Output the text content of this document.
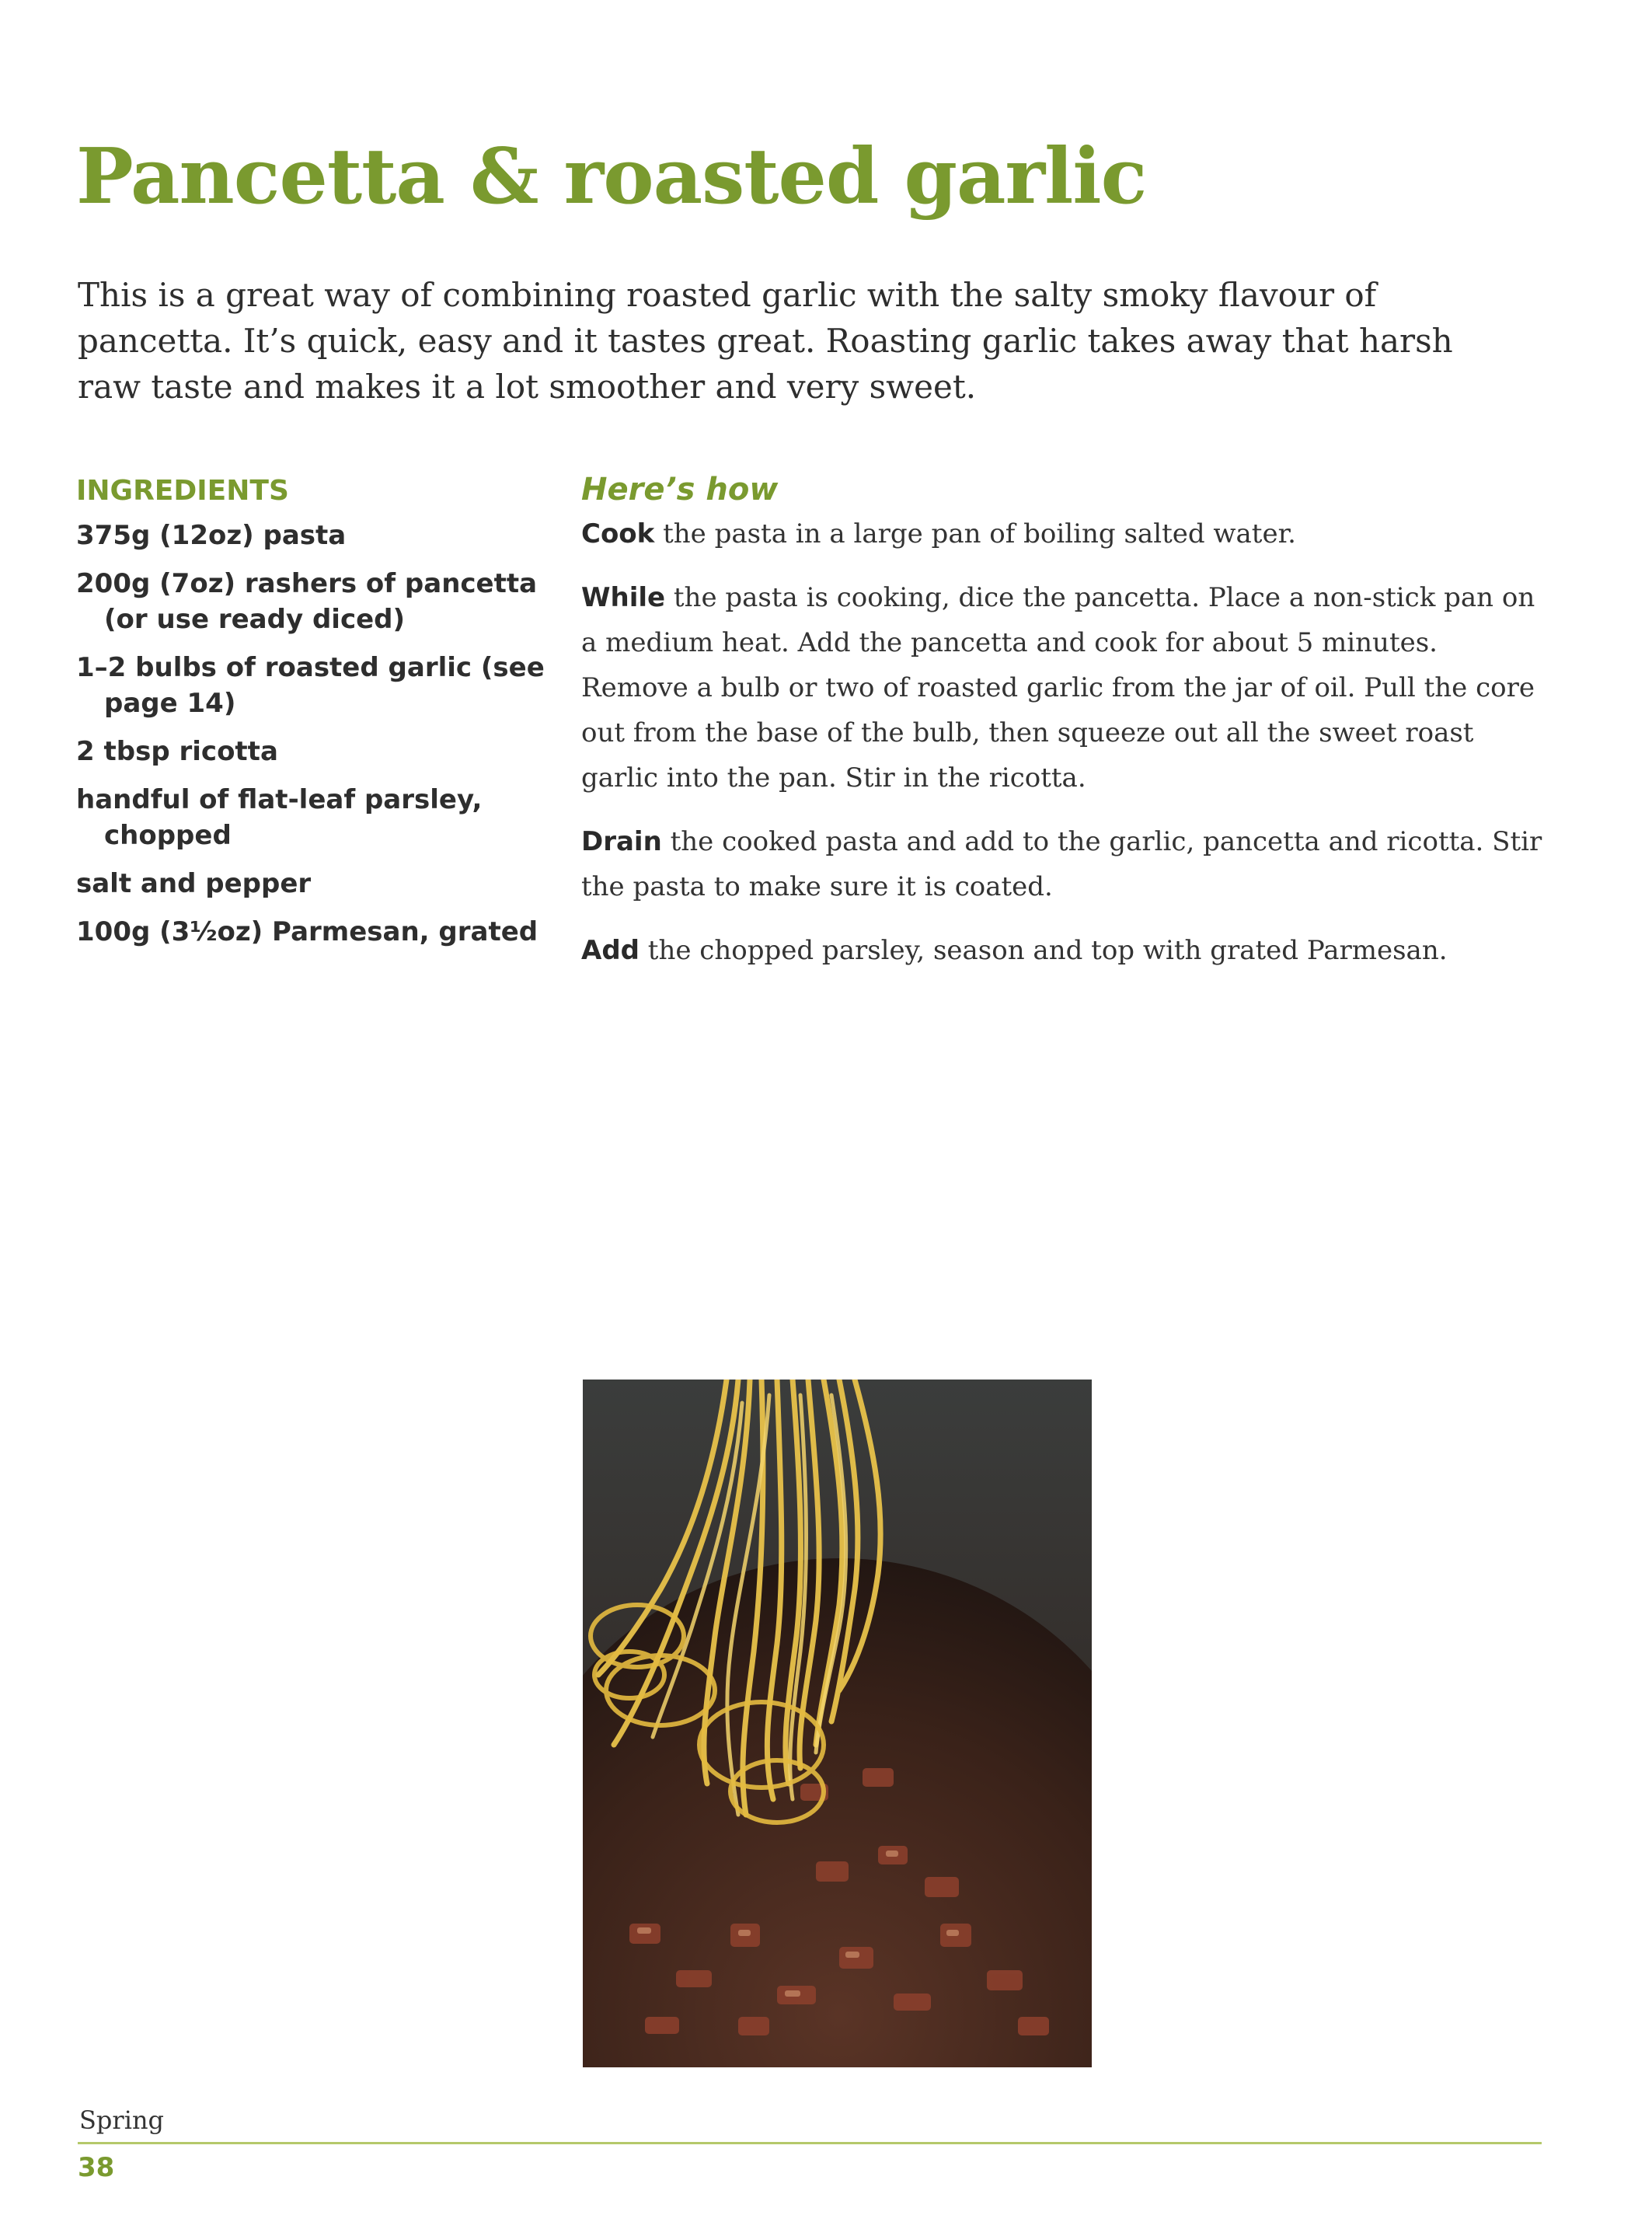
Pancetta & roasted garlic

This is a great way of combining roasted garlic with the salty smoky flavour of pancetta. It’s quick, easy and it tastes great. Roasting garlic takes away that harsh raw taste and makes it a lot smoother and very sweet.

INGREDIENTS
375g (12oz) pasta
200g (7oz) rashers of pancetta (or use ready diced)
1–2 bulbs of roasted garlic (see page 14)
2 tbsp ricotta
handful of flat-leaf parsley, chopped
salt and pepper
100g (3½oz) Parmesan, grated
Here’s how

Cook the pasta in a large pan of boiling salted water.

While the pasta is cooking, dice the pancetta. Place a non-stick pan on a medium heat. Add the pancetta and cook for about 5 minutes. Remove a bulb or two of roasted garlic from the jar of oil. Pull the core out from the base of the bulb, then squeeze out all the sweet roast garlic into the pan. Stir in the ricotta.

Drain the cooked pasta and add to the garlic, pancetta and ricotta. Stir the pasta to make sure it is coated.

Add the chopped parsley, season and top with grated Parmesan.

Spring
38
